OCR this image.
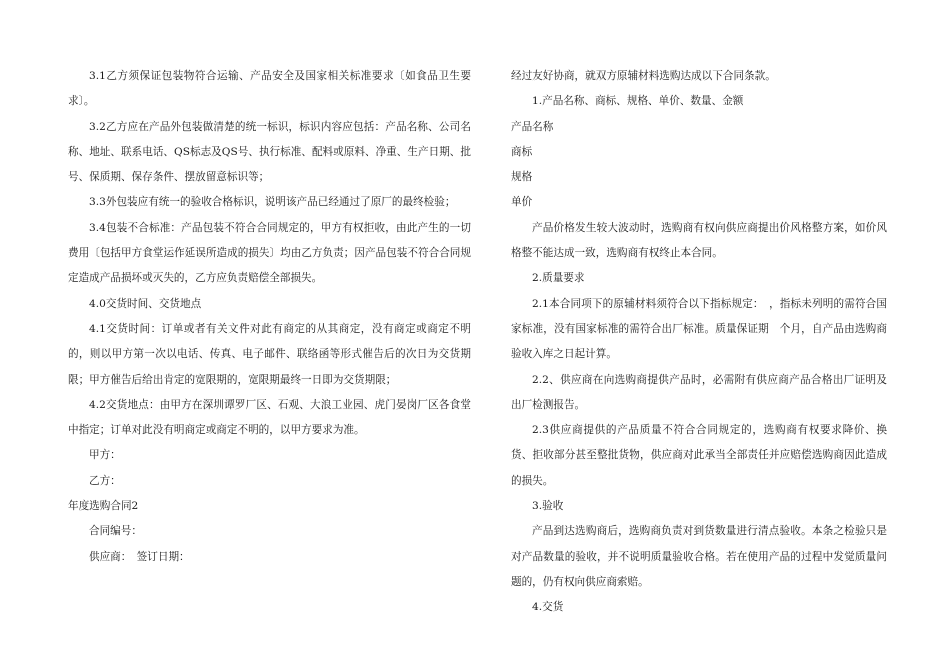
3.1乙方须保证包装物符合运输、产品安全及国家相关标准要求〔如食品卫生要求〕。

3.2乙方应在产品外包装做清楚的统一标识，标识内容应包括：产品名称、公司名称、地址、联系电话、QS标志及QS号、执行标准、配料或原料、净重、生产日期、批号、保质期、保存条件、摆放留意标识等；

3.3外包装应有统一的验收合格标识，说明该产品已经通过了原厂的最终检验；

3.4包装不合标准：产品包装不符合合同规定的，甲方有权拒收，由此产生的一切费用〔包括甲方食堂运作延误所造成的损失〕均由乙方负责；因产品包装不符合合同规定造成产品损坏或灭失的，乙方应负责赔偿全部损失。

4.0交货时间、交货地点

4.1交货时间：订单或者有关文件对此有商定的从其商定，没有商定或商定不明的，则以甲方第一次以电话、传真、电子邮件、联络函等形式催告后的次日为交货期限；甲方催告后给出肯定的宽限期的，宽限期最终一日即为交货期限；

4.2交货地点：由甲方在深圳谭罗厂区、石观、大浪工业园、虎门晏岗厂区各食堂中指定；订单对此没有明商定或商定不明的，以甲方要求为准。

甲方：

乙方：

年度选购合同2

合同编号：

供应商：　签订日期：

经过友好协商，就双方原辅材料选购达成以下合同条款。

1.产品名称、商标、规格、单价、数量、金额

产品名称

商标

规格

单价

产品价格发生较大波动时，选购商有权向供应商提出价风格整方案，如价风格整不能达成一致，选购商有权终止本合同。

2.质量要求

2.1本合同项下的原辅材料须符合以下指标规定：　，指标未列明的需符合国家标准，没有国家标准的需符合出厂标准。质量保证期　个月，自产品由选购商验收入库之日起计算。

2.2、供应商在向选购商提供产品时，必需附有供应商产品合格出厂证明及出厂检测报告。

2.3供应商提供的产品质量不符合合同规定的，选购商有权要求降价、换货、拒收部分甚至整批货物，供应商对此承当全部责任并应赔偿选购商因此造成的损失。

3.验收

产品到达选购商后，选购商负责对到货数量进行清点验收。本条之检验只是对产品数量的验收，并不说明质量验收合格。若在使用产品的过程中发觉质量问题的，仍有权向供应商索赔。

4.交货
